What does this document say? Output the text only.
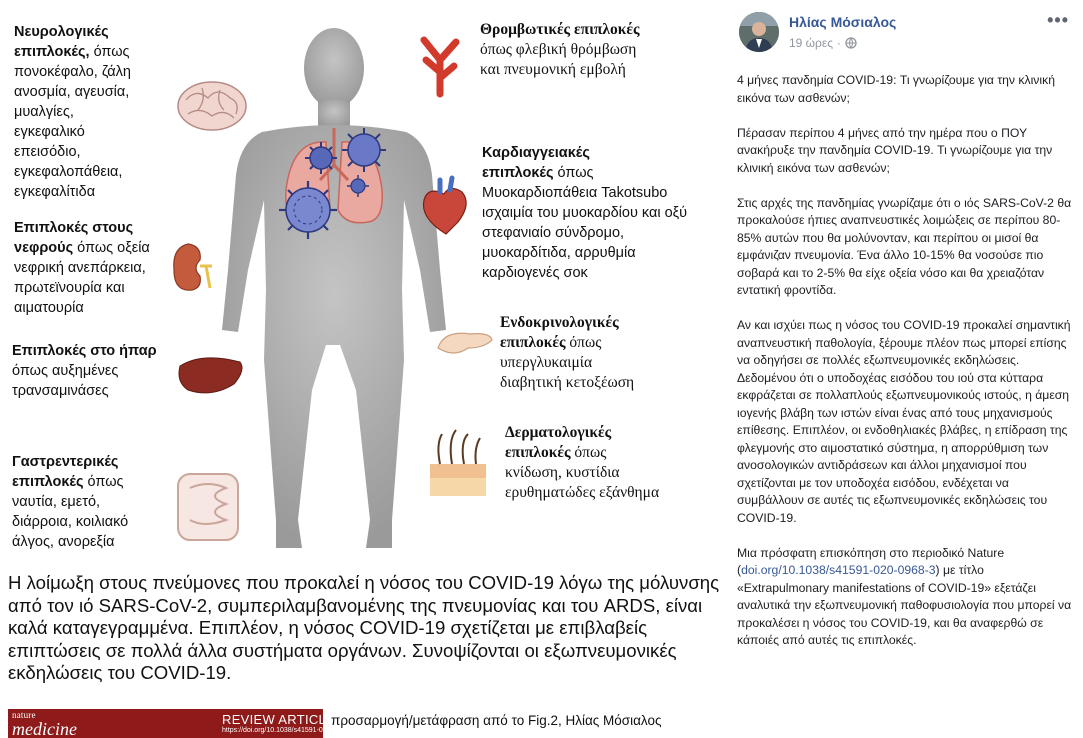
Νευρολογικές επιπλοκές, όπως
πονοκέφαλο, ζάλη
ανοσμία, αγευσία,
μυαλγίες,
εγκεφαλικό
επεισόδιο,
εγκεφαλοπάθεια,
εγκεφαλίτιδα
Επιπλοκές στους
νεφρούς όπως οξεία
νεφρική ανεπάρκεια,
πρωτεϊνουρία και
αιματουρία
Επιπλοκές στο ήπαρ
όπως αυξημένες
τρανσαμινάσες
Γαστρεντερικές
επιπλοκές όπως
ναυτία, εμετό,
διάρροια, κοιλιακό
άλγος, ανορεξία
Θρομβωτικές επιπλοκές
όπως φλεβική θρόμβωση
και πνευμονική εμβολή
Καρδιαγγειακές
επιπλοκές όπως
Μυοκαρδιοπάθεια Takotsubo
ισχαιμία του μυοκαρδίου και οξύ
στεφανιαίο σύνδρομο,
μυοκαρδίτιδα, αρρυθμία
καρδιογενές σοκ
Ενδοκρινολογικές
επιπλοκές όπως
υπεργλυκαιμία
διαβητική κετοξέωση
Δερματολογικές
επιπλοκές όπως
κνίδωση, κυστίδια
ερυθηματώδες εξάνθημα
Η λοίμωξη στους πνεύμονες που προκαλεί η νόσος του COVID-19 λόγω της μόλυνσης από τον ιό SARS-CoV-2, συμπεριλαμβανομένης της πνευμονίας και του ARDS, είναι καλά καταγεγραμμένα. Επιπλέον, η νόσος COVID-19 σχετίζεται με επιβλαβείς επιπτώσεις σε πολλά άλλα συστήματα οργάνων. Συνοψίζονται οι εξωπνευμονικές εκδηλώσεις του COVID-19.
nature
medicine	REVIEW ARTICLE
https://doi.org/10.1038/s41591-020-0968-3
προσαρμογή/μετάφραση από το Fig.2, Ηλίας Μόσιαλος
Ηλίας Μόσιαλος
19 ώρες ·
•••

4 μήνες πανδημία COVID-19: Τι γνωρίζουμε για την κλινική εικόνα των ασθενών;

Πέρασαν περίπου 4 μήνες από την ημέρα που ο ΠΟΥ ανακήρυξε την πανδημία COVID-19. Τι γνωρίζουμε για την κλινική εικόνα των ασθενών;

Στις αρχές της πανδημίας γνωρίζαμε ότι ο ιός SARS-CoV-2 θα προκαλούσε ήπιες αναπνευστικές λοιμώξεις σε περίπου 80-85% αυτών που θα μολύνονταν, και περίπου οι μισοί θα εμφάνιζαν πνευμονία. Ένα άλλο 10-15% θα νοσούσε πιο σοβαρά και το 2-5% θα είχε οξεία νόσο και θα χρειαζόταν εντατική φροντίδα.

Αν και ισχύει πως η νόσος του COVID-19 προκαλεί σημαντική αναπνευστική παθολογία, ξέρουμε πλέον πως μπορεί επίσης να οδηγήσει σε πολλές εξωπνευμονικές εκδηλώσεις. Δεδομένου ότι ο υποδοχέας εισόδου του ιού στα κύτταρα εκφράζεται σε πολλαπλούς εξωπνευμονικούς ιστούς, η άμεση ιογενής βλάβη των ιστών είναι ένας από τους μηχανισμούς επίθεσης. Επιπλέον, οι ενδοθηλιακές βλάβες, η επίδραση της φλεγμονής στο αιμοστατικό σύστημα, η απορρύθμιση των ανοσολογικών αντιδράσεων και άλλοι μηχανισμοί που σχετίζονται με τον υποδοχέα εισόδου, ενδέχεται να συμβάλλουν σε αυτές τις εξωπνευμονικές εκδηλώσεις του COVID-19.

Μια πρόσφατη επισκόπηση στο περιοδικό Nature (doi.org/10.1038/s41591-020-0968-3) με τίτλο «Extrapulmonary manifestations of COVID-19» εξετάζει αναλυτικά την εξωπνευμονική παθοφυσιολογία που μπορεί να προκαλέσει η νόσος του COVID-19, και θα αναφερθώ σε κάποιές από αυτές τις επιπλοκές.
